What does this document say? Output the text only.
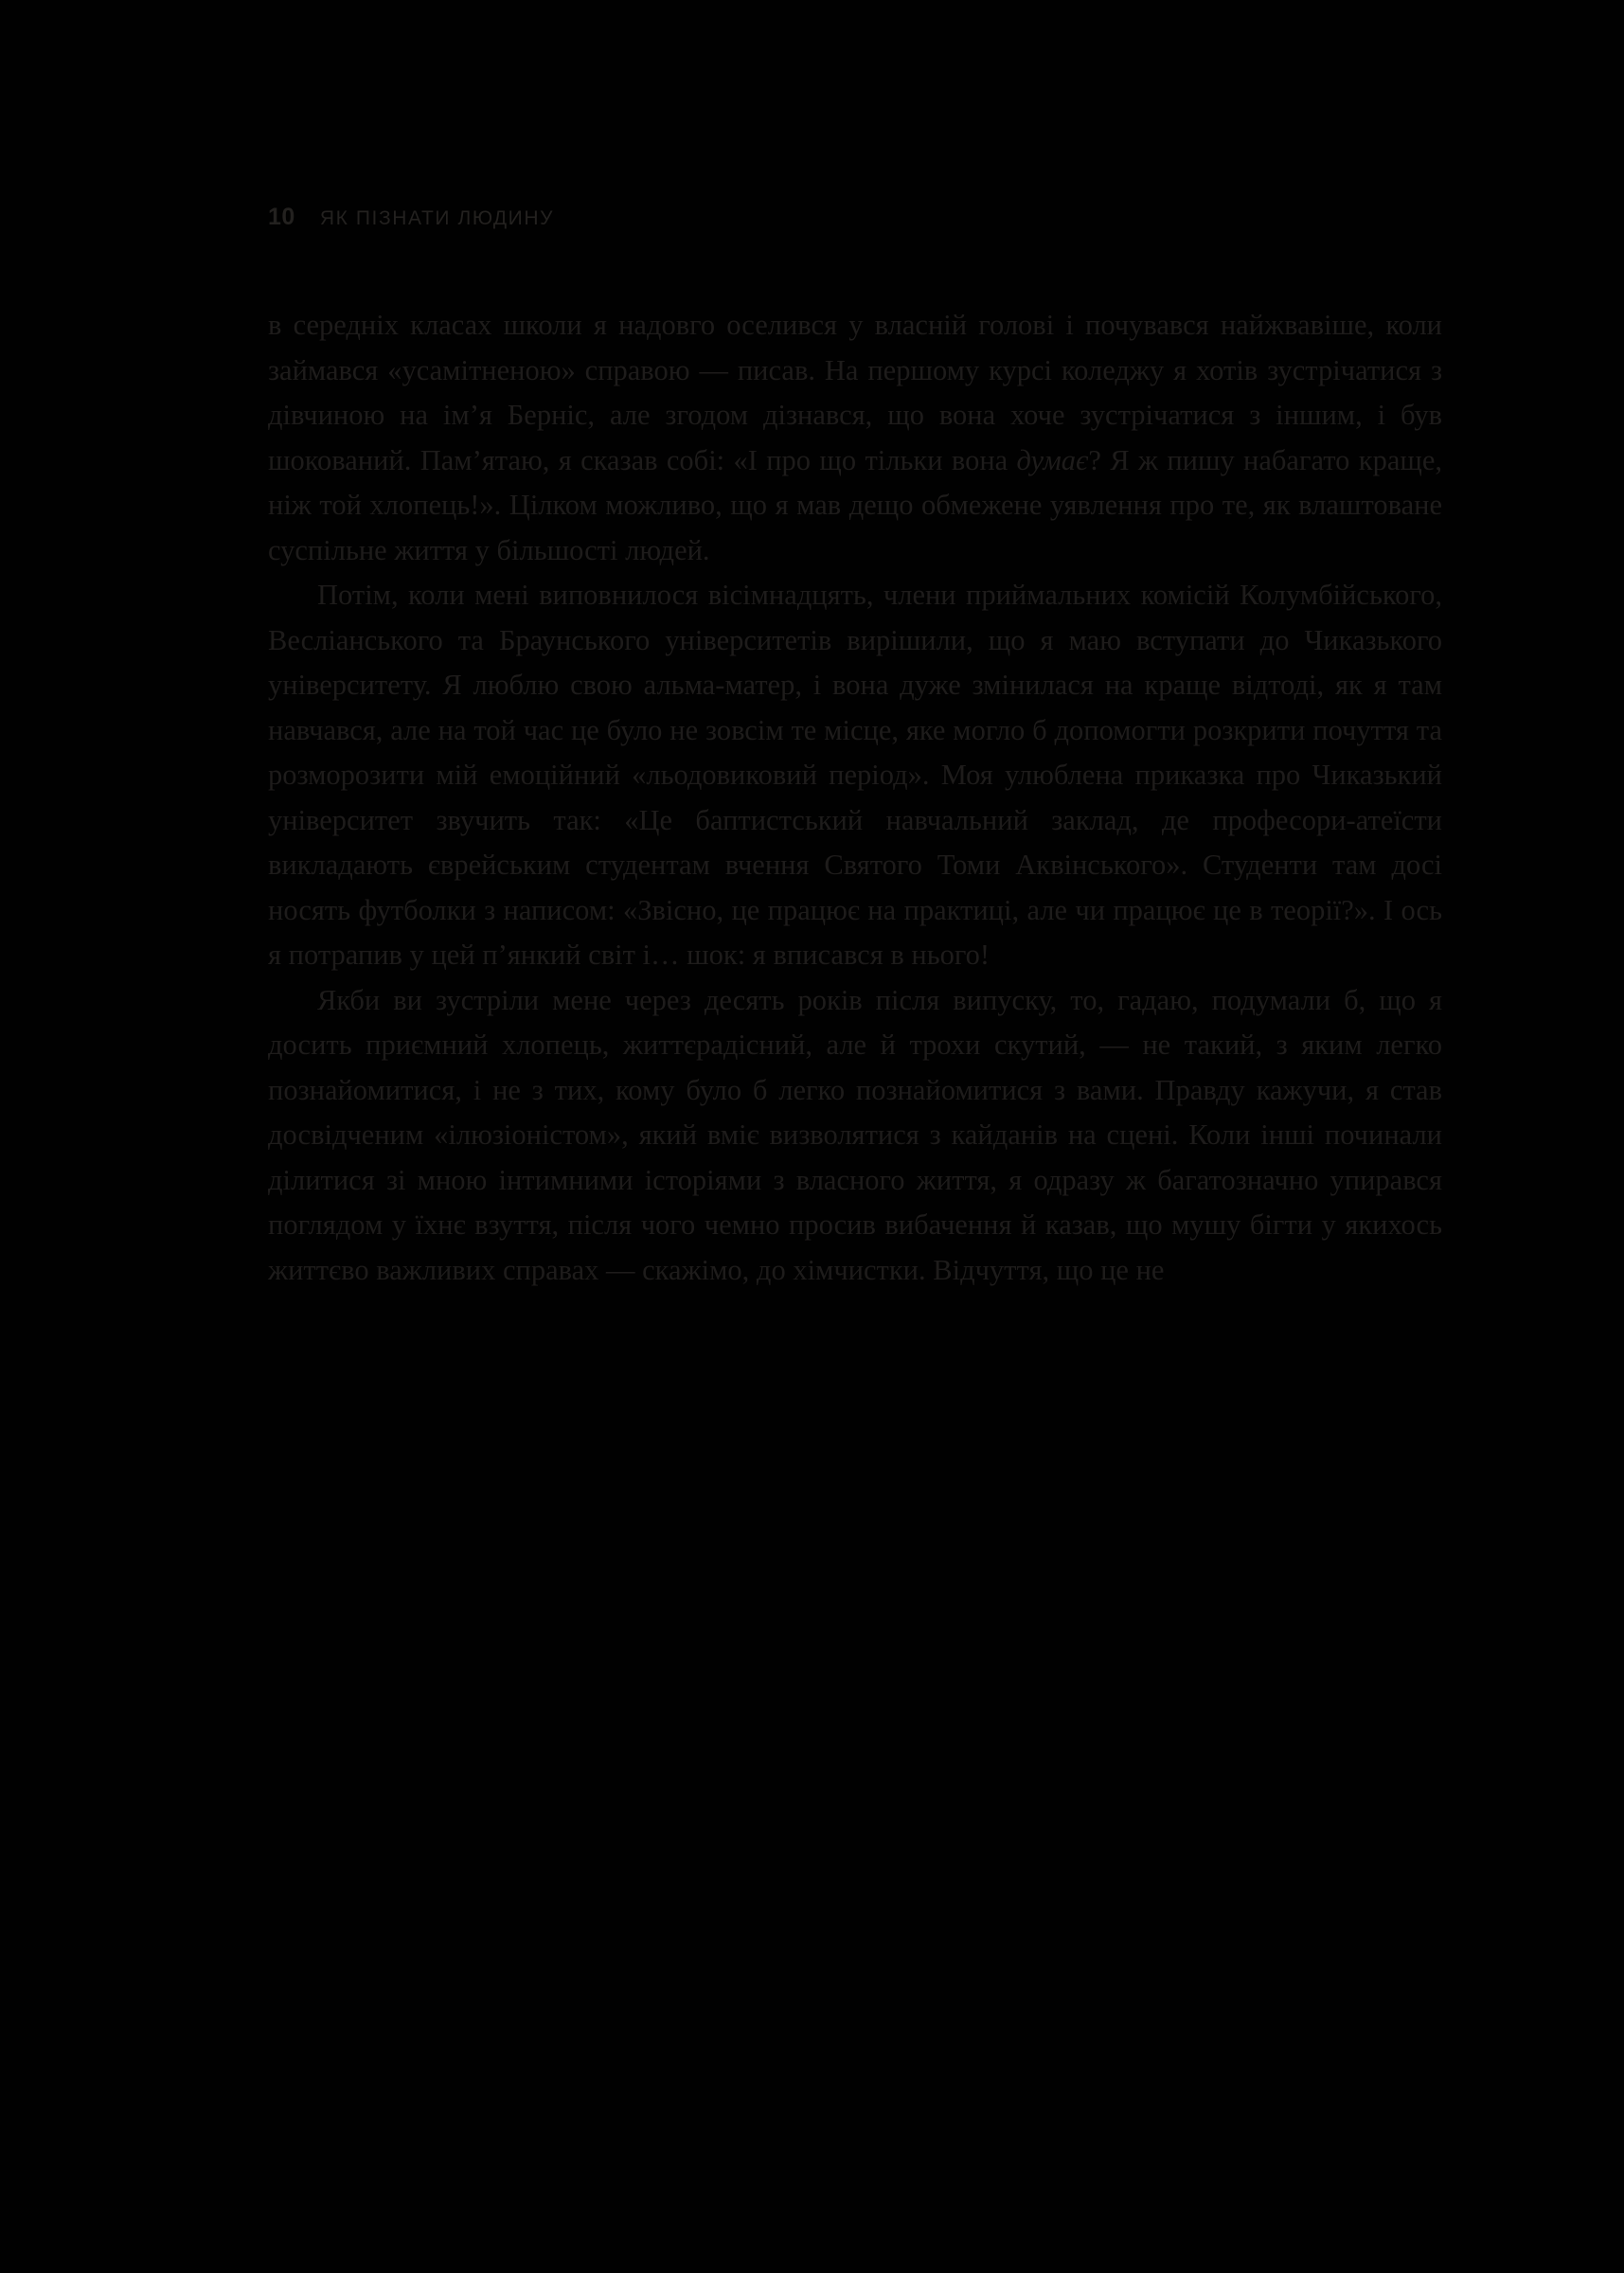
10 ЯК ПІЗНАТИ ЛЮДИНУ

в середніх класах школи я надовго оселився у власній голові і почувався найжвавіше, коли займався «усамітненою» справою — писав. На першому курсі коледжу я хотів зустрічатися з дівчиною на ім’я Берніс, але згодом дізнався, що вона хоче зустрічатися з іншим, і був шокований. Пам’ятаю, я сказав собі: «І про що тільки вона думає? Я ж пишу набагато краще, ніж той хлопець!». Цілком можливо, що я мав дещо обмежене уявлення про те, як влаштоване суспільне життя у більшості людей.

Потім, коли мені виповнилося вісімнадцять, члени приймальних комісій Колумбійського, Весліанського та Браунського університетів вирішили, що я маю вступати до Чиказького університету. Я люблю свою альма-матер, і вона дуже змінилася на краще відтоді, як я там навчався, але на той час це було не зовсім те місце, яке могло б допомогти розкрити почуття та розморозити мій емоційний «льодовиковий період». Моя улюблена приказка про Чиказький університет звучить так: «Це баптистський навчальний заклад, де професори-атеїсти викладають єврейським студентам вчення Святого Томи Аквінського». Студенти там досі носять футболки з написом: «Звісно, це працює на практиці, але чи працює це в теорії?». І ось я потрапив у цей п’янкий світ і… шок: я вписався в нього!

Якби ви зустріли мене через десять років після випуску, то, гадаю, подумали б, що я досить приємний хлопець, життєрадісний, але й трохи скутий, — не такий, з яким легко познайомитися, і не з тих, кому було б легко познайомитися з вами. Правду кажучи, я став досвідченим «ілюзіоністом», який вміє визволятися з кайданів на сцені. Коли інші починали ділитися зі мною інтимними історіями з власного життя, я одразу ж багатозначно упирався поглядом у їхнє взуття, після чого чемно просив вибачення й казав, що мушу бігти у якихось життєво важливих справах — скажімо, до хімчистки. Відчуття, що це не
